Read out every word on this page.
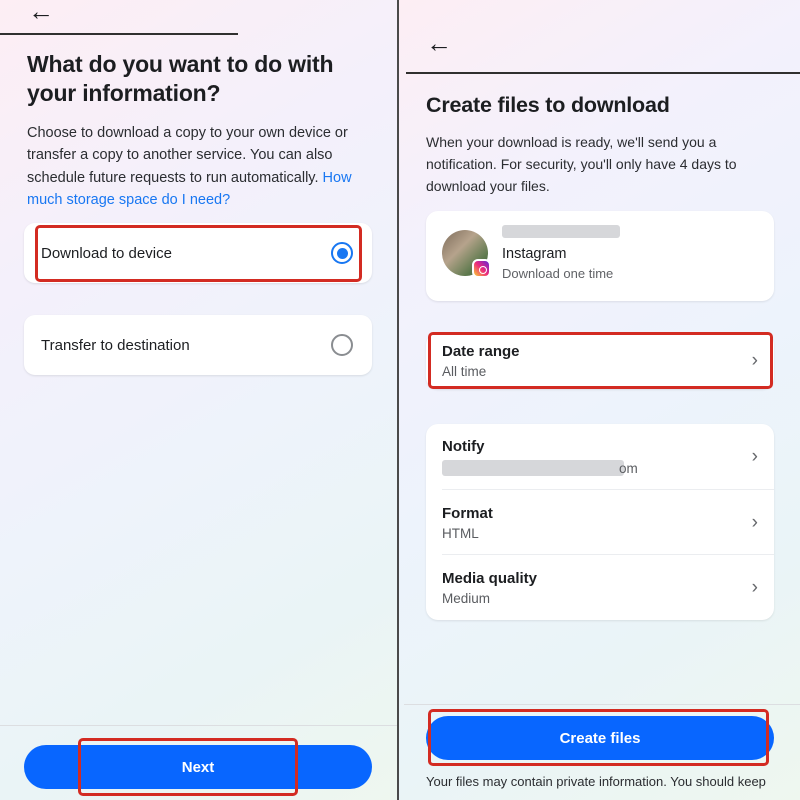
←
What do you want to do with your information?
Choose to download a copy to your own device or transfer a copy to another service. You can also schedule future requests to run automatically. How much storage space do I need?
Download to device
Transfer to destination
Next
←
Create files to download
When your download is ready, we'll send you a notification. For security, you'll only have 4 days to download your files.
Instagram
Download one time
Date range
All time
›
Notify	›
Format
HTML
›
Media quality
Medium
›
om
Create files
Your files may contain private information. You should keep
